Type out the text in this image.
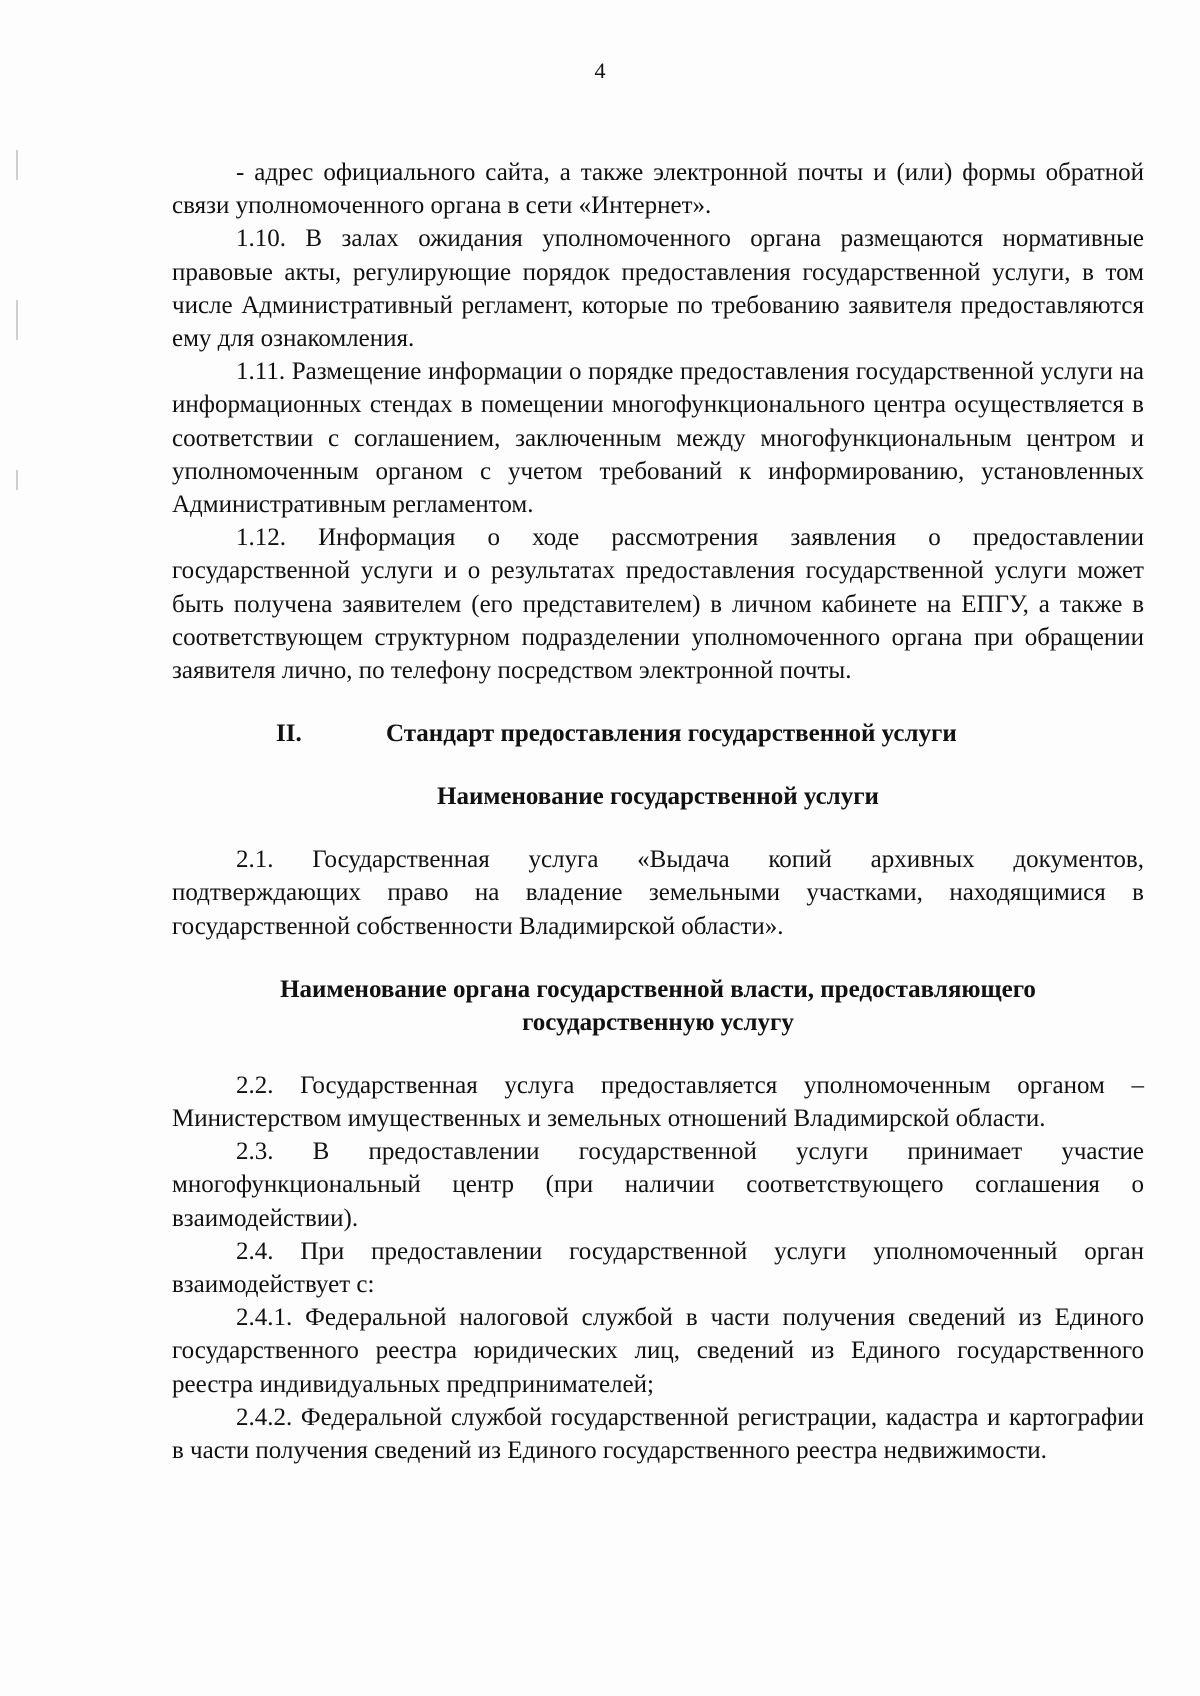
4

- адрес официального сайта, а также электронной почты и (или) формы обратной связи уполномоченного органа в сети «Интернет».

1.10. В залах ожидания уполномоченного органа размещаются нормативные правовые акты, регулирующие порядок предоставления государственной услуги, в том числе Административный регламент, которые по требованию заявителя предоставляются ему для ознакомления.

1.11. Размещение информации о порядке предоставления государственной услуги на информационных стендах в помещении многофункционального центра осуществляется в соответствии с соглашением, заключенным между многофункциональным центром и уполномоченным органом с учетом требований к информированию, установленных Административным регламентом.

1.12. Информация о ходе рассмотрения заявления о предоставлении государственной услуги и о результатах предоставления государственной услуги может быть получена заявителем (его представителем) в личном кабинете на ЕПГУ, а также в соответствующем структурном подразделении уполномоченного органа при обращении заявителя лично, по телефону посредством электронной почты.

II.	Стандарт предоставления государственной услуги
Наименование государственной услуги

2.1. Государственная услуга «Выдача копий архивных документов, подтверждающих право на владение земельными участками, находящимися в государственной собственности Владимирской области».

Наименование органа государственной власти, предоставляющего
государственную услугу

2.2. Государственная услуга предоставляется уполномоченным органом – Министерством имущественных и земельных отношений Владимирской области.

2.3. В предоставлении государственной услуги принимает участие многофункциональный центр (при наличии соответствующего соглашения о взаимодействии).

2.4. При предоставлении государственной услуги уполномоченный орган взаимодействует с:

2.4.1. Федеральной налоговой службой в части получения сведений из Единого государственного реестра юридических лиц, сведений из Единого государственного реестра индивидуальных предпринимателей;

2.4.2. Федеральной службой государственной регистрации, кадастра и картографии в части получения сведений из Единого государственного реестра недвижимости.
